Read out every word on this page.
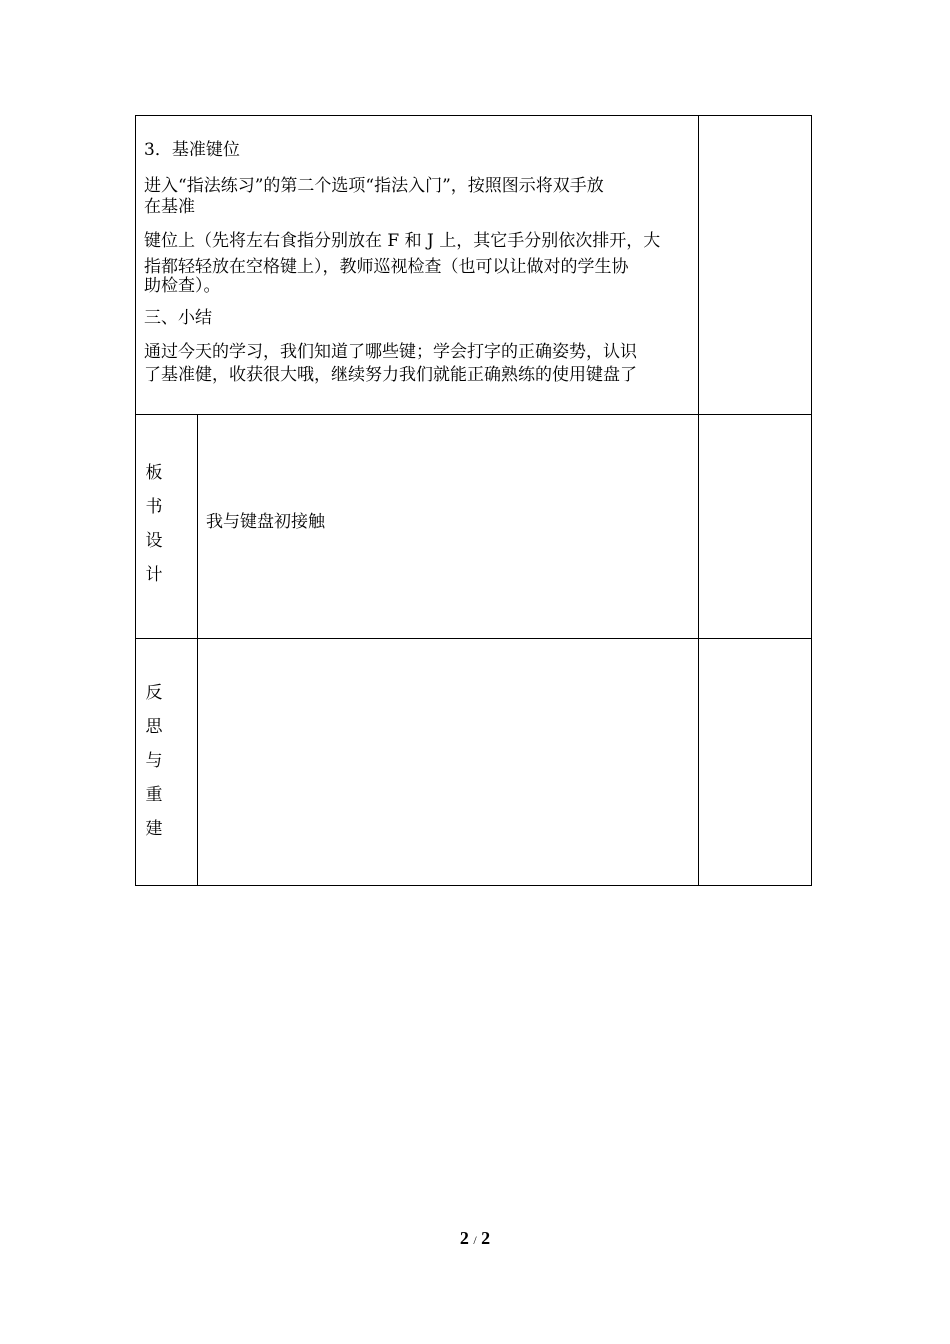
3．基准键位
进入“指法练习”的第二个选项“指法入门”，按照图示将双手放
在基准
键位上（先将左右食指分别放在 F 和 J 上，其它手分别依次排开，大
指都轻轻放在空格键上），教师巡视检查（也可以让做对的学生协
助检查）。
三、小结
通过今天的学习，我们知道了哪些键；学会打字的正确姿势，认识
了基准健，收获很大哦，继续努力我们就能正确熟练的使用键盘了
板
书
设
计
我与键盘初接触
反
思
与
重
建
2 / 2
